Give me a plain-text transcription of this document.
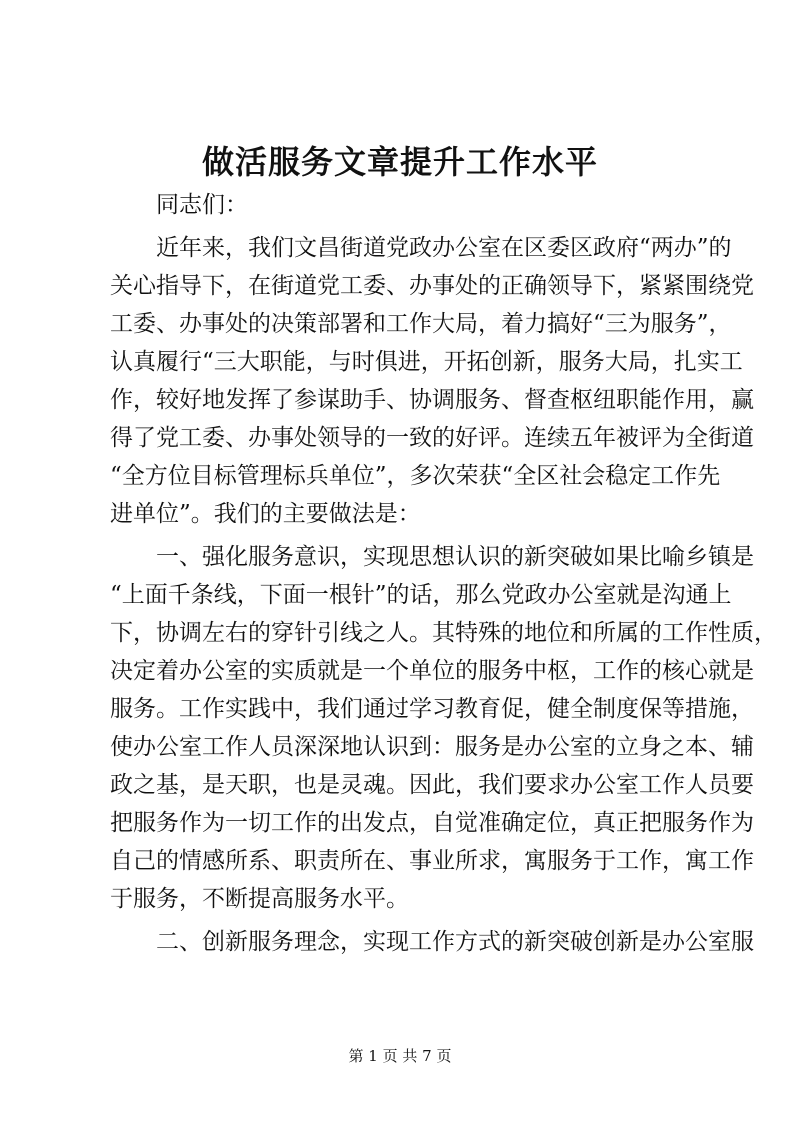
做活服务文章提升工作水平

同志们：

近年来，我们文昌街道党政办公室在区委区政府“两办”的
关心指导下，在街道党工委、办事处的正确领导下，紧紧围绕党
工委、办事处的决策部署和工作大局，着力搞好“三为服务”，
认真履行“三大职能，与时俱进，开拓创新，服务大局，扎实工
作，较好地发挥了参谋助手、协调服务、督查枢纽职能作用，赢
得了党工委、办事处领导的一致的好评。连续五年被评为全街道
“全方位目标管理标兵单位”，多次荣获“全区社会稳定工作先
进单位”。我们的主要做法是：
一、强化服务意识，实现思想认识的新突破如果比喻乡镇是
“上面千条线，下面一根针”的话，那么党政办公室就是沟通上
下，协调左右的穿针引线之人。其特殊的地位和所属的工作性质，
决定着办公室的实质就是一个单位的服务中枢，工作的核心就是
服务。工作实践中，我们通过学习教育促，健全制度保等措施，
使办公室工作人员深深地认识到：服务是办公室的立身之本、辅
政之基，是天职，也是灵魂。因此，我们要求办公室工作人员要
把服务作为一切工作的出发点，自觉准确定位，真正把服务作为
自己的情感所系、职责所在、事业所求，寓服务于工作，寓工作
于服务，不断提高服务水平。
二、创新服务理念，实现工作方式的新突破创新是办公室服
第 1 页 共 7 页
